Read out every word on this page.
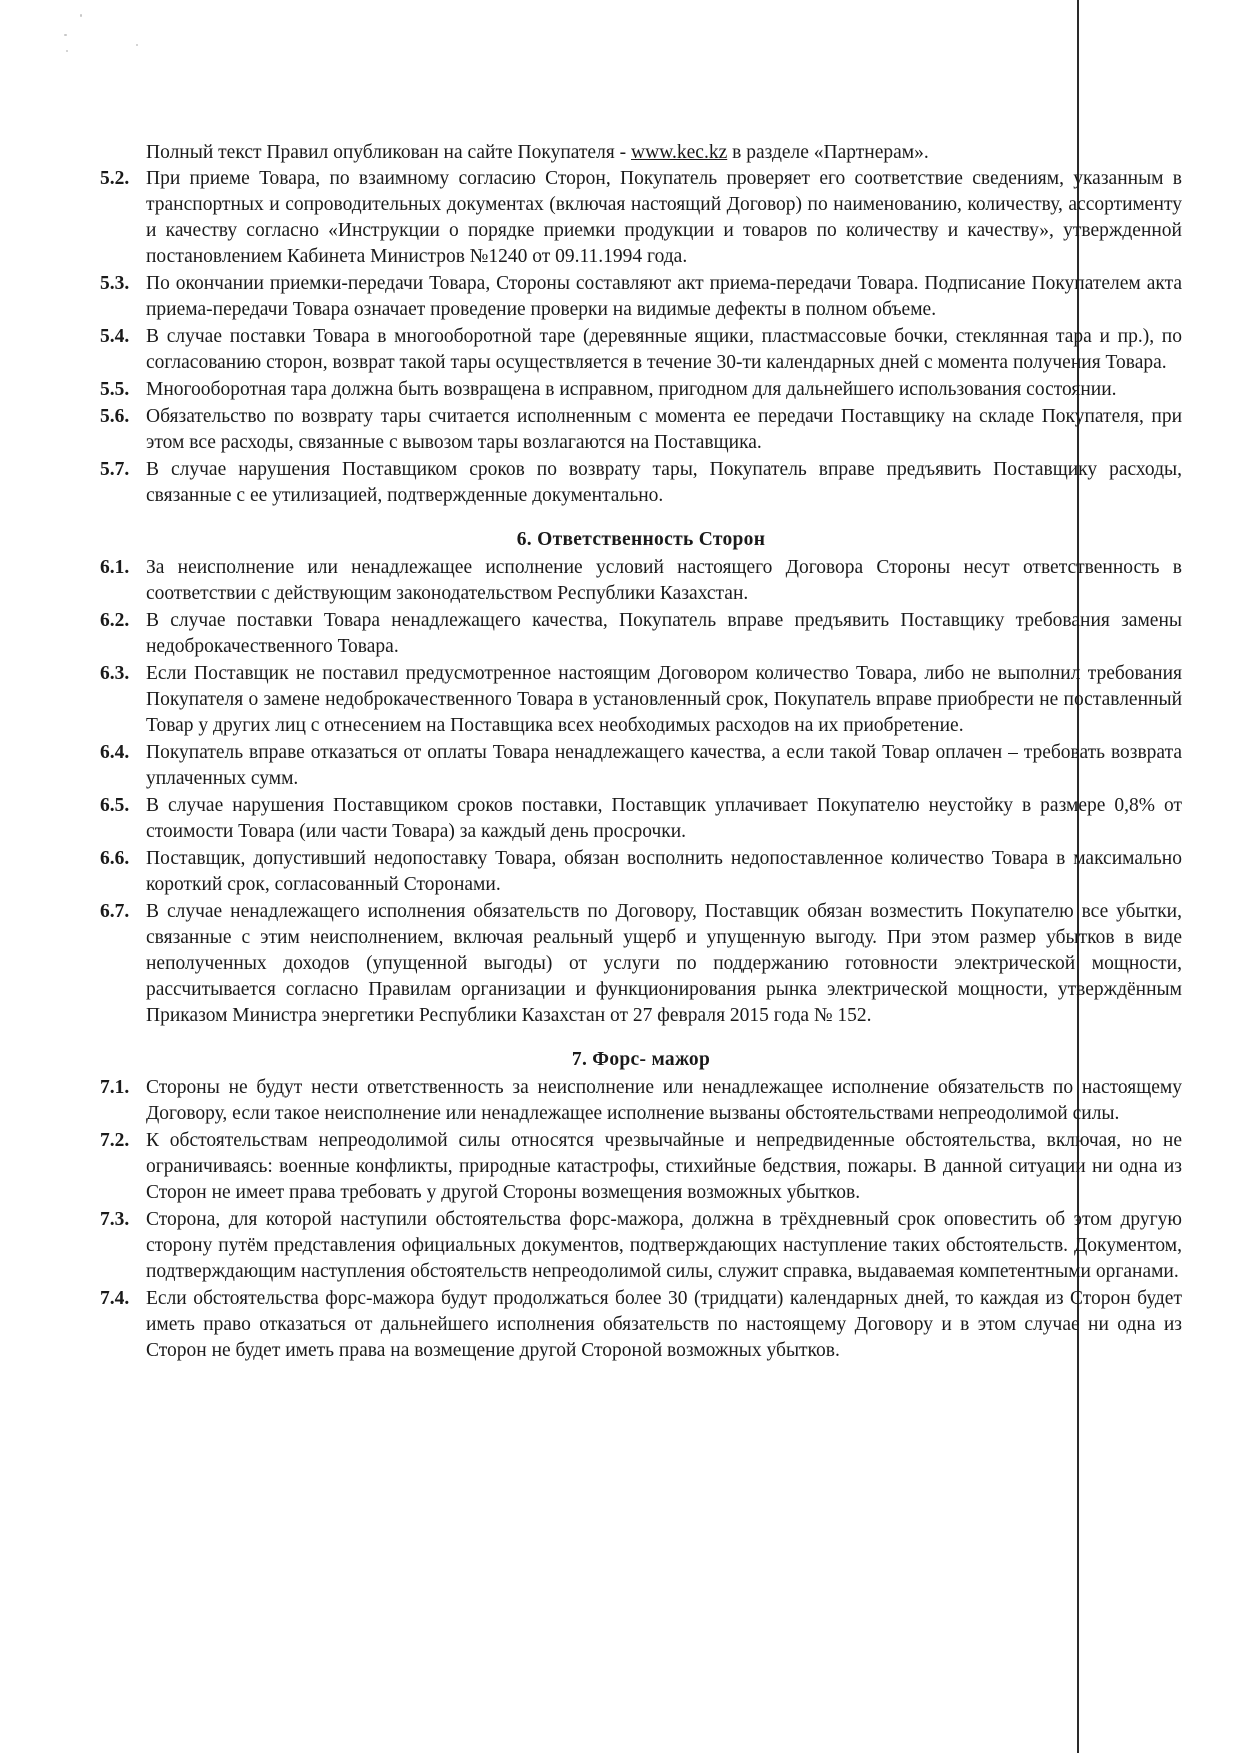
Полный текст Правил опубликован на сайте Покупателя - www.kec.kz в разделе «Партнерам».
5.2. При приеме Товара, по взаимному согласию Сторон, Покупатель проверяет его соответствие сведениям, указанным в транспортных и сопроводительных документах (включая настоящий Договор) по наименованию, количеству, ассортименту и качеству согласно «Инструкции о порядке приемки продукции и товаров по количеству и качеству», утвержденной постановлением Кабинета Министров №1240 от 09.11.1994 года.
5.3. По окончании приемки-передачи Товара, Стороны составляют акт приема-передачи Товара. Подписание Покупателем акта приема-передачи Товара означает проведение проверки на видимые дефекты в полном объеме.
5.4. В случае поставки Товара в многооборотной таре (деревянные ящики, пластмассовые бочки, стеклянная тара и пр.), по согласованию сторон, возврат такой тары осуществляется в течение 30-ти календарных дней с момента получения Товара.
5.5. Многооборотная тара должна быть возвращена в исправном, пригодном для дальнейшего использования состоянии.
5.6. Обязательство по возврату тары считается исполненным с момента ее передачи Поставщику на складе Покупателя, при этом все расходы, связанные с вывозом тары возлагаются на Поставщика.
5.7. В случае нарушения Поставщиком сроков по возврату тары, Покупатель вправе предъявить Поставщику расходы, связанные с ее утилизацией, подтвержденные документально.
6. Ответственность Сторон
6.1. За неисполнение или ненадлежащее исполнение условий настоящего Договора Стороны несут ответственность в соответствии с действующим законодательством Республики Казахстан.
6.2. В случае поставки Товара ненадлежащего качества, Покупатель вправе предъявить Поставщику требования замены недоброкачественного Товара.
6.3. Если Поставщик не поставил предусмотренное настоящим Договором количество Товара, либо не выполнил требования Покупателя о замене недоброкачественного Товара в установленный срок, Покупатель вправе приобрести не поставленный Товар у других лиц с отнесением на Поставщика всех необходимых расходов на их приобретение.
6.4. Покупатель вправе отказаться от оплаты Товара ненадлежащего качества, а если такой Товар оплачен – требовать возврата уплаченных сумм.
6.5. В случае нарушения Поставщиком сроков поставки, Поставщик уплачивает Покупателю неустойку в размере 0,8% от стоимости Товара (или части Товара) за каждый день просрочки.
6.6. Поставщик, допустивший недопоставку Товара, обязан восполнить недопоставленное количество Товара в максимально короткий срок, согласованный Сторонами.
6.7. В случае ненадлежащего исполнения обязательств по Договору, Поставщик обязан возместить Покупателю все убытки, связанные с этим неисполнением, включая реальный ущерб и упущенную выгоду. При этом размер убытков в виде неполученных доходов (упущенной выгоды) от услуги по поддержанию готовности электрической мощности, рассчитывается согласно Правилам организации и функционирования рынка электрической мощности, утверждённым Приказом Министра энергетики Республики Казахстан от 27 февраля 2015 года № 152.
7. Форс- мажор
7.1. Стороны не будут нести ответственность за неисполнение или ненадлежащее исполнение обязательств по настоящему Договору, если такое неисполнение или ненадлежащее исполнение вызваны обстоятельствами непреодолимой силы.
7.2. К обстоятельствам непреодолимой силы относятся чрезвычайные и непредвиденные обстоятельства, включая, но не ограничиваясь: военные конфликты, природные катастрофы, стихийные бедствия, пожары. В данной ситуации ни одна из Сторон не имеет права требовать у другой Стороны возмещения возможных убытков.
7.3. Сторона, для которой наступили обстоятельства форс-мажора, должна в трёхдневный срок оповестить об этом другую сторону путём представления официальных документов, подтверждающих наступление таких обстоятельств. Документом, подтверждающим наступления обстоятельств непреодолимой силы, служит справка, выдаваемая компетентными органами.
7.4. Если обстоятельства форс-мажора будут продолжаться более 30 (тридцати) календарных дней, то каждая из Сторон будет иметь право отказаться от дальнейшего исполнения обязательств по настоящему Договору и в этом случае ни одна из Сторон не будет иметь права на возмещение другой Стороной возможных убытков.
